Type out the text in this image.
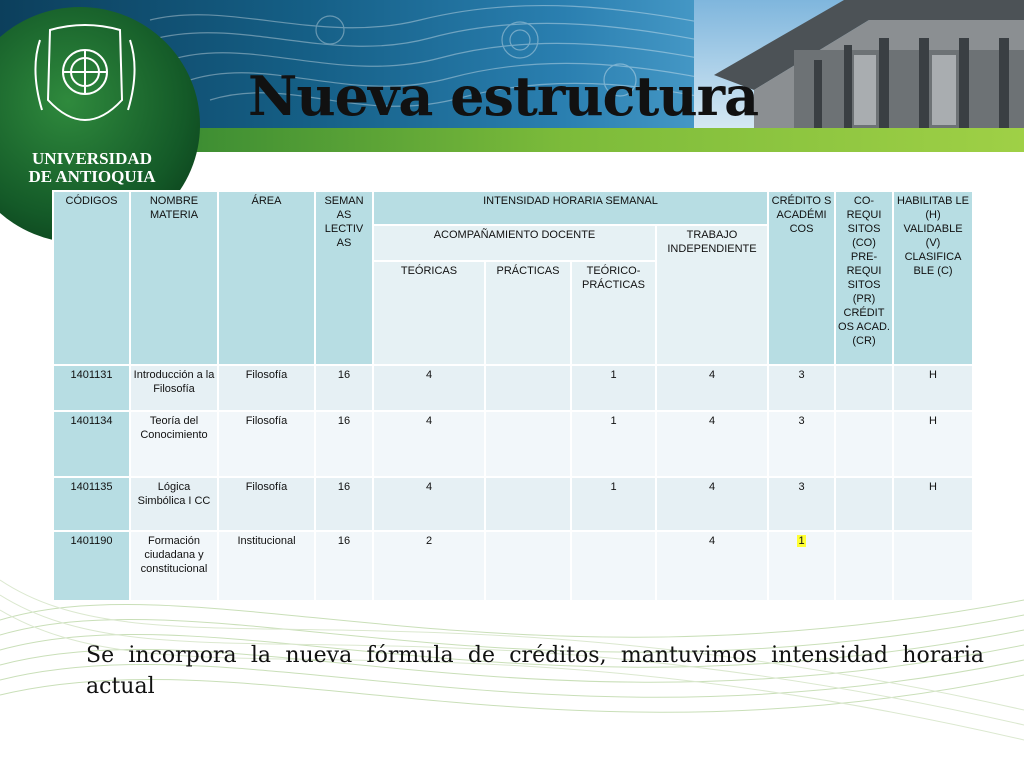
UNIVERSIDAD
DE ANTIOQUIA
Nueva estructura
CÓDIGOS	NOMBRE MATERIA	ÁREA	SEMAN AS LECTIV AS	INTENSIDAD HORARIA SEMANAL				CRÉDITO S ACADÉMI COS	CO-REQUI SITOS (CO) PRE-REQUI SITOS (PR) CRÉDIT OS ACAD. (CR)	HABILITAB LE (H) VALIDABLE (V) CLASIFICA BLE (C)
				ACOMPAÑAMIENTO DOCENTE			TRABAJO INDEPENDIENTE			
				TEÓRICAS	PRÁCTICAS	TEÓRICO-PRÁCTICAS				
1401131	Introducción a la Filosofía	Filosofía	16	4		1	4	3		H
1401134	Teoría del Conocimiento	Filosofía	16	4		1	4	3		H
1401135	Lógica Simbólica I CC	Filosofía	16	4		1	4	3		H
1401190	Formación ciudadana y constitucional	Institucional	16	2			4	1		

Se incorpora la nueva fórmula de créditos, mantuvimos intensidad horaria actual
